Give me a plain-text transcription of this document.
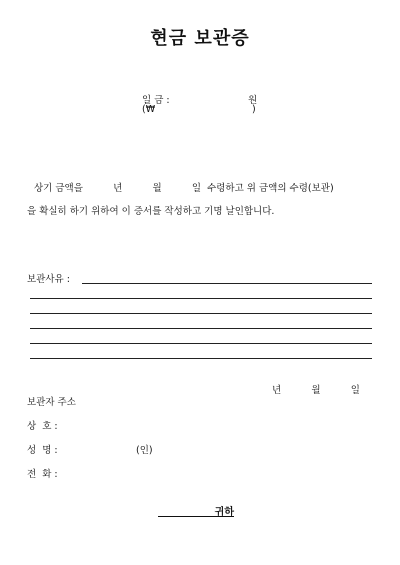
현금 보관증
일 금 :	원
(₩	)
상기 금액을          년          월          일  수령하고 위 금액의 수령(보관)
을 확실히 하기 위하여 이 증서를 작성하고 기명 날인합니다.
보관사유 :
년          월          일
보관자 주소
상  호 :
성  명 :	(인)
전  화 :
귀하
